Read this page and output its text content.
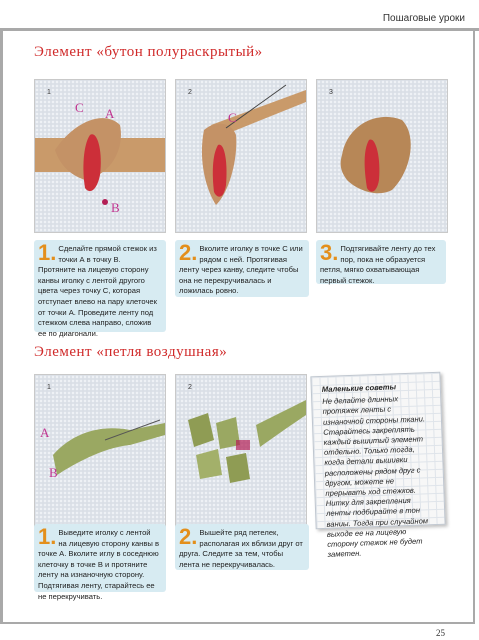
Пошаговые уроки
Элемент «бутон полураскрытый»
1
C A
B
2
C
3
1. Сделайте прямой стежок из точки А в точку В. Протяните на лицевую сторону канвы иголку с лентой другого цвета через точку С, которая отступает влево на пару клеточек от точки А. Проведите ленту под стежком слева направо, сложив ее по диагонали.
2. Вколите иголку в точке С или рядом с ней. Протягивая ленту через канву, следите чтобы она не перекручивалась и ложилась ровно.
3. Подтягивайте ленту до тех пор, пока не образуется петля, мягко охватывающая первый стежок.
Элемент «петля воздушная»
1
A
B
2	Маленькие советы
Не делайте длинных протяжек ленты с изнаночной стороны ткани. Старайтесь закреплять каждый вышитый элемент отдельно. Только тогда, когда детали вышивки расположены рядом друг с другом, можете не прерывать ход стежков. Нитку для закрепления ленты подбирайте в тон ваниы. Тогда при случайном выходе ее на лицевую сторону стежок не будет заметен.
1. Выведите иголку с лентой на лицевую сторону канвы в точке А. Вколите иглу в соседнюю клеточку в точке В и протяните ленту на изнаночную сторону. Подтягивая ленту, старайтесь ее не перекручивать.
2. Вышейте ряд петелек, располагая их вблизи друг от друга. Следите за тем, чтобы лента не перекручивалась.
25
